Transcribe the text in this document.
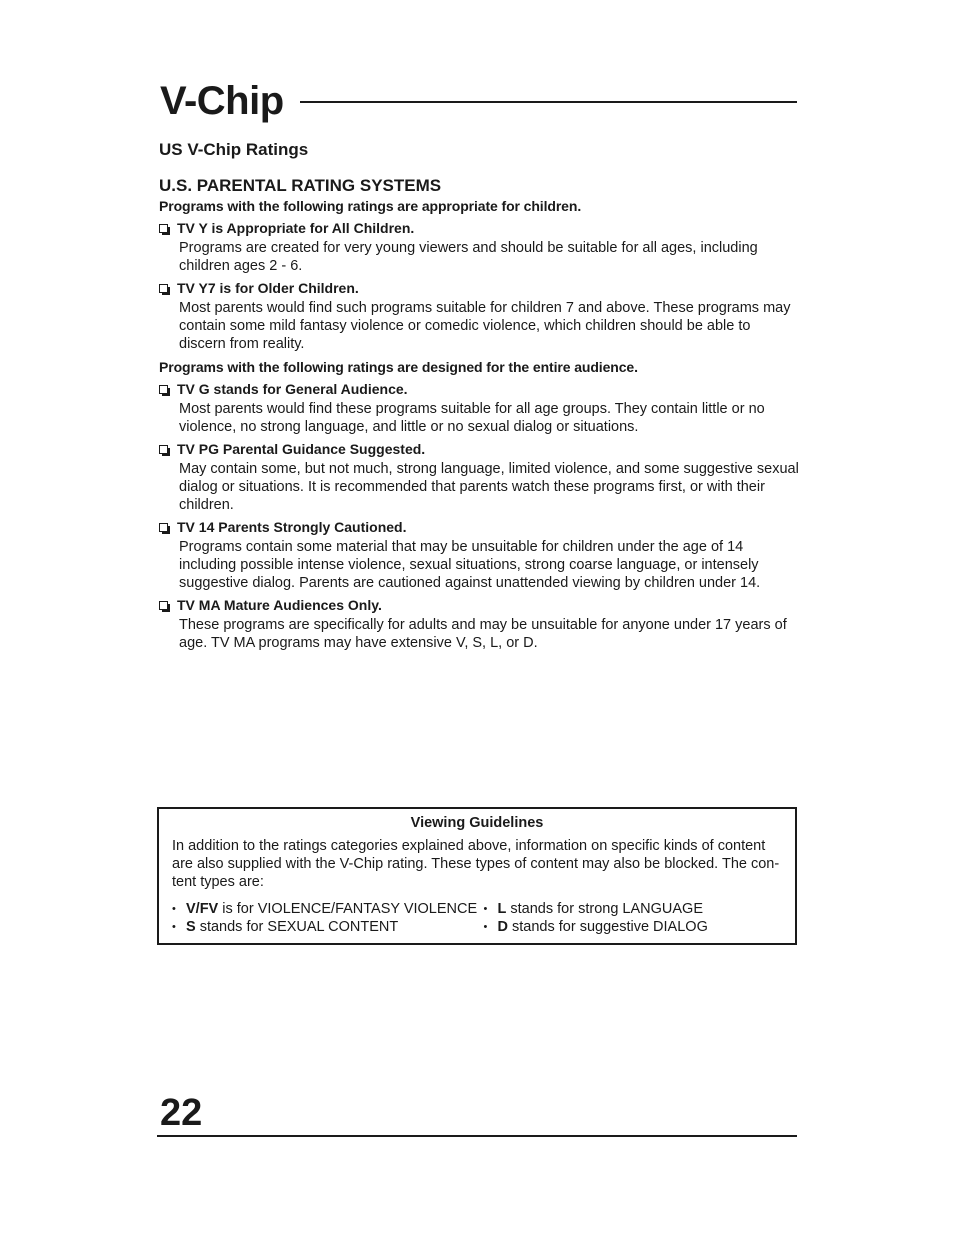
V-Chip
US V-Chip Ratings
U.S. PARENTAL RATING SYSTEMS

Programs with the following ratings are appropriate for children.

TV Y is Appropriate for All Children.

Programs are created for very young viewers and should be suitable for all ages, including children ages 2 - 6.

TV Y7 is for Older Children.

Most parents would find such programs suitable for children 7 and above. These programs may contain some mild fantasy violence or comedic violence, which children should be able to discern from reality.

Programs with the following ratings are designed for the entire audience.

TV G stands for General Audience.

Most parents would find these programs suitable for all age groups. They contain little or no violence, no strong language, and little or no sexual dialog or situations.

TV PG Parental Guidance Suggested.

May contain some, but not much, strong language, limited violence, and some suggestive sexual dialog or situations. It is recommended that parents watch these programs first, or with their children.

TV 14 Parents Strongly Cautioned.

Programs contain some material that may be unsuitable for children under the age of 14 including possible intense violence, sexual situations, strong coarse language, or intensely suggestive dialog. Parents are cautioned against unattended viewing by children under 14.

TV MA Mature Audiences Only.

These programs are specifically for adults and may be unsuitable for anyone under 17 years of age. TV MA programs may have extensive V, S, L, or D.

Viewing Guidelines

In addition to the ratings categories explained above, information on specific kinds of content are also supplied with the V-Chip rating. These types of content may also be blocked. The con-tent types are:

• V/FV is for VIOLENCE/FANTASY VIOLENCE
• S stands for SEXUAL CONTENT
• L stands for strong LANGUAGE
• D stands for suggestive DIALOG
22
